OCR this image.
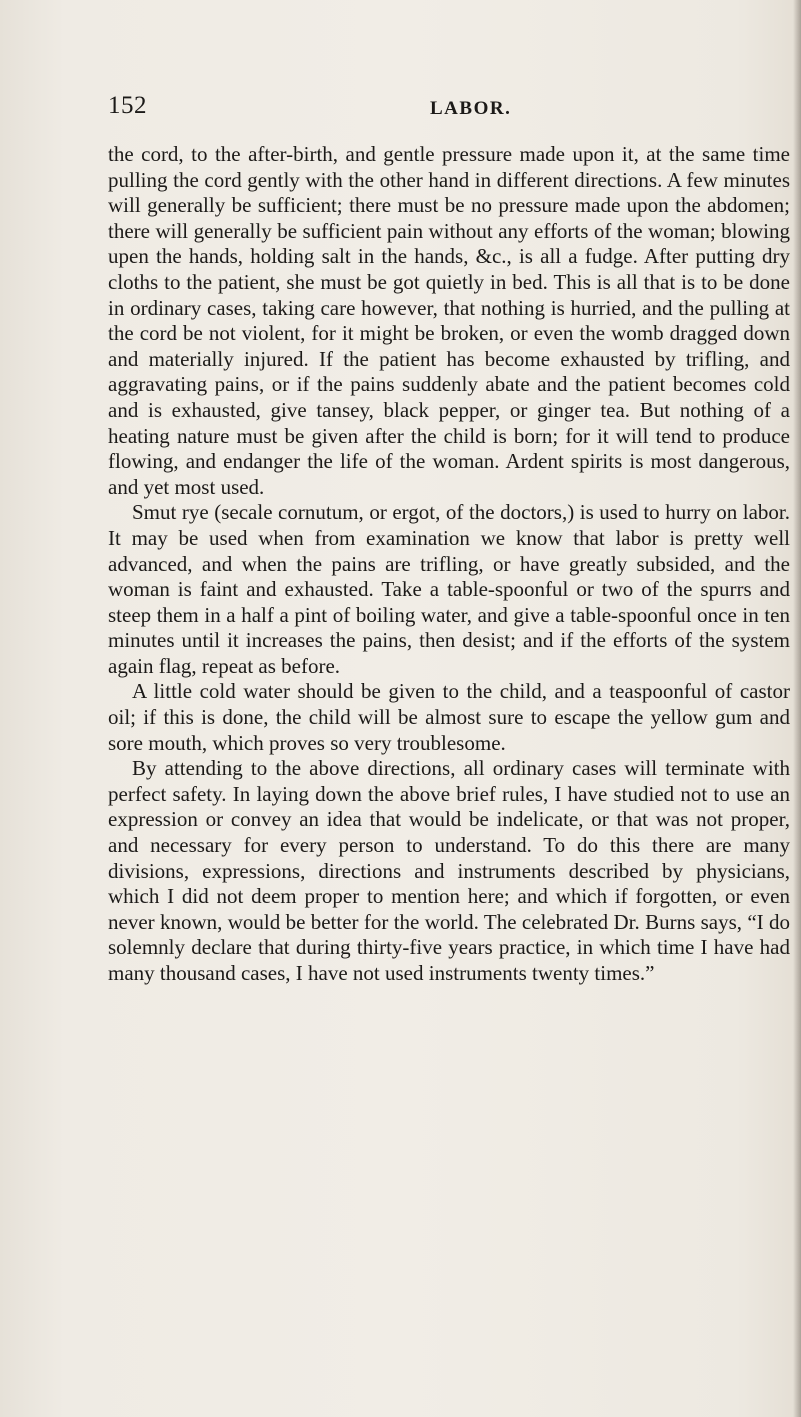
152	LABOR.

the cord, to the after-birth, and gentle pressure made upon it, at the same time pulling the cord gently with the other hand in different directions. A few minutes will generally be sufficient; there must be no pressure made upon the abdomen; there will generally be sufficient pain without any efforts of the woman; blowing upen the hands, holding salt in the hands, &c., is all a fudge. After putting dry cloths to the patient, she must be got quietly in bed. This is all that is to be done in ordinary cases, taking care however, that nothing is hurried, and the pulling at the cord be not violent, for it might be broken, or even the womb dragged down and materially injured. If the patient has become exhausted by trifling, and aggravating pains, or if the pains suddenly abate and the patient becomes cold and is exhausted, give tansey, black pepper, or ginger tea. But nothing of a heating nature must be given after the child is born; for it will tend to produce flowing, and endanger the life of the woman. Ardent spirits is most dangerous, and yet most used.

Smut rye (secale cornutum, or ergot, of the doctors,) is used to hurry on labor. It may be used when from examination we know that labor is pretty well advanced, and when the pains are trifling, or have greatly subsided, and the woman is faint and exhausted. Take a table-spoonful or two of the spurrs and steep them in a half a pint of boiling water, and give a table-spoonful once in ten minutes until it increases the pains, then desist; and if the efforts of the system again flag, repeat as before.

A little cold water should be given to the child, and a teaspoonful of castor oil; if this is done, the child will be almost sure to escape the yellow gum and sore mouth, which proves so very troublesome.

By attending to the above directions, all ordinary cases will terminate with perfect safety. In laying down the above brief rules, I have studied not to use an expression or convey an idea that would be indelicate, or that was not proper, and necessary for every person to understand. To do this there are many divisions, expressions, directions and instruments described by physicians, which I did not deem proper to mention here; and which if forgotten, or even never known, would be better for the world. The celebrated Dr. Burns says, “I do solemnly declare that during thirty-five years practice, in which time I have had many thousand cases, I have not used instruments twenty times.”
